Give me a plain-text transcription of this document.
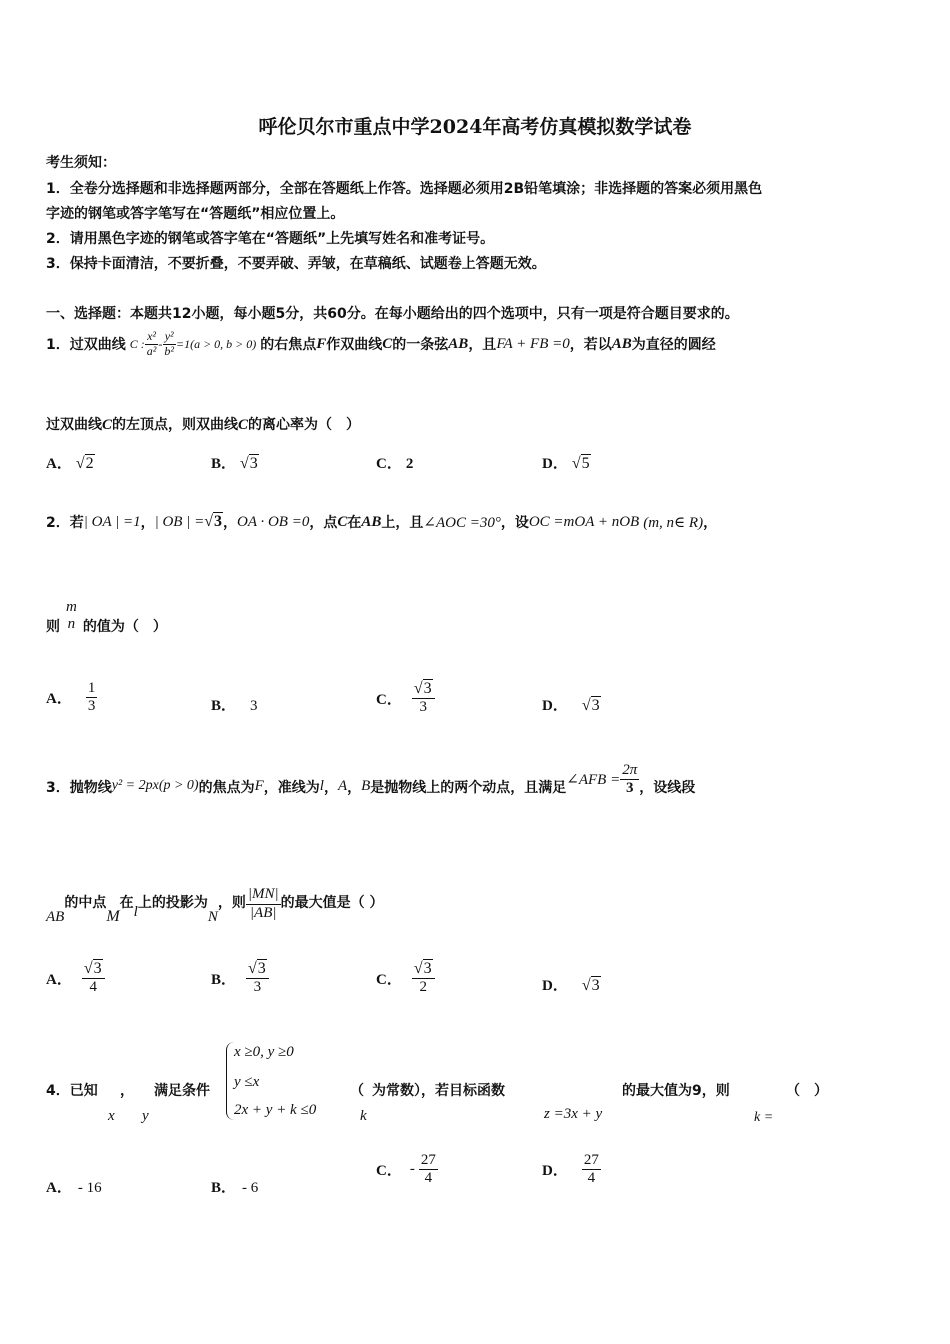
呼伦贝尔市重点中学2024年高考仿真模拟数学试卷
考生须知：
1．全卷分选择题和非选择题两部分，全部在答题纸上作答。选择题必须用2B铅笔填涂；非选择题的答案必须用黑色
字迹的钢笔或答字笔写在“答题纸”相应位置上。
2．请用黑色字迹的钢笔或答字笔在“答题纸”上先填写姓名和准考证号。
3．保持卡面清洁，不要折叠，不要弄破、弄皱，在草稿纸、试题卷上答题无效。
一、选择题：本题共12小题，每小题5分，共60分。在每小题给出的四个选项中，只有一项是符合题目要求的。
1．过双曲线 C : $\frac{\text{x²}}{\text{a²}} - \frac{\text{y²}}{\text{b²}} =1(a > 0$, b > 0) 的右焦点 F 作双曲线 C 的一条弦 AB ，且 FA + FB =0 ，若以 AB 为直径的圆经
过双曲线C的左顶点，则双曲线C的离心率为（　）
A． √2	B． √3	C． 2	D． √5
2．若 | OA | =1 ， | OB | = √3 ， OA · OB =0 ，点 C 在 AB 上，且 ∠AOC =30° ，设 OC =mOA + nOB (m, n∈ R) ，
则
m
n 的值为（　）
A． $\frac{1}{3}$	B． 3	C． $\frac{√3}{3}$	D． √3
3．抛物线 y² = 2px(p > 0) 的焦点为 F ，准线为 l ， A ， B 是抛物线上的两个动点，且满足 ∠AFB = $\frac{2\pi}{3}$ ，设线段
AB
的中点
M
在
l
上的投影为
N
，则 $\frac{|MN|}{|AB|}$ 的最大值是（ ）
A． $\frac{√3}{4}$	B． $\frac{√3}{3}$	C． $\frac{√3}{2}$	D． √3
4．已知
x
，
y
满足条件
x ≥0, y ≥0
y ≤x
2x + y + k ≤0
（
k
为常数），若目标函数
z =3x + y
的最大值为9，则
k =
（　）
A． - 16	B． - 6
C． - $\frac{27}{4}$	D． $\frac{27}{4}$
